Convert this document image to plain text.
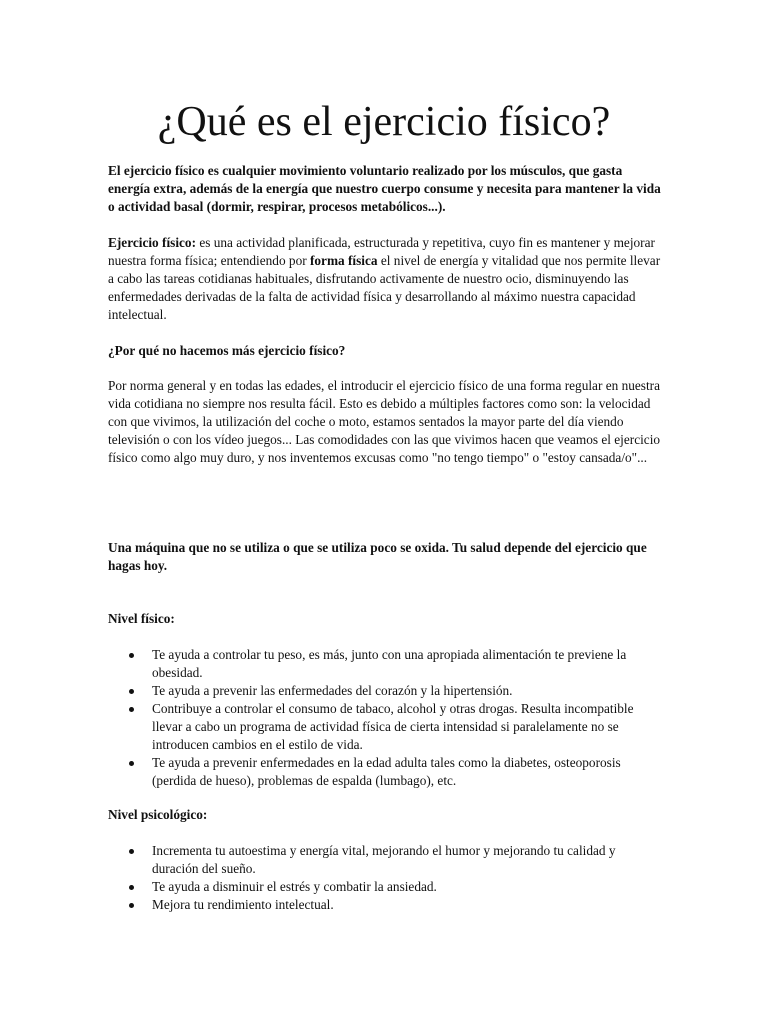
¿Qué es el ejercicio físico?

El ejercicio físico es cualquier movimiento voluntario realizado por los músculos, que gasta energía extra, además de la energía que nuestro cuerpo consume y necesita para mantener la vida o actividad basal (dormir, respirar, procesos metabólicos...).

Ejercicio físico: es una actividad planificada, estructurada y repetitiva, cuyo fin es mantener y mejorar nuestra forma física; entendiendo por forma física el nivel de energía y vitalidad que nos permite llevar a cabo las tareas cotidianas habituales, disfrutando activamente de nuestro ocio, disminuyendo las enfermedades derivadas de la falta de actividad física y desarrollando al máximo nuestra capacidad intelectual.

¿Por qué no hacemos más ejercicio físico?

Por norma general y en todas las edades, el introducir el ejercicio físico de una forma regular en nuestra vida cotidiana no siempre nos resulta fácil. Esto es debido a múltiples factores como son: la velocidad con que vivimos, la utilización del coche o moto, estamos sentados la mayor parte del día viendo televisión o con los vídeo juegos... Las comodidades con las que vivimos hacen que veamos el ejercicio físico como algo muy duro, y nos inventemos excusas como "no tengo tiempo" o "estoy cansada/o"...

Una máquina que no se utiliza o que se utiliza poco se oxida. Tu salud depende del ejercicio que hagas hoy.

Nivel físico:

Te ayuda a controlar tu peso, es más, junto con una apropiada alimentación te previene la obesidad.
Te ayuda a prevenir las enfermedades del corazón y la hipertensión.
Contribuye a controlar el consumo de tabaco, alcohol y otras drogas. Resulta incompatible llevar a cabo un programa de actividad física de cierta intensidad si paralelamente no se introducen cambios en el estilo de vida.
Te ayuda a prevenir enfermedades en la edad adulta tales como la diabetes, osteoporosis (perdida de hueso), problemas de espalda (lumbago), etc.

Nivel psicológico:

Incrementa tu autoestima y energía vital, mejorando el humor y mejorando tu calidad y duración del sueño.
Te ayuda a disminuir el estrés y combatir la ansiedad.
Mejora tu rendimiento intelectual.
